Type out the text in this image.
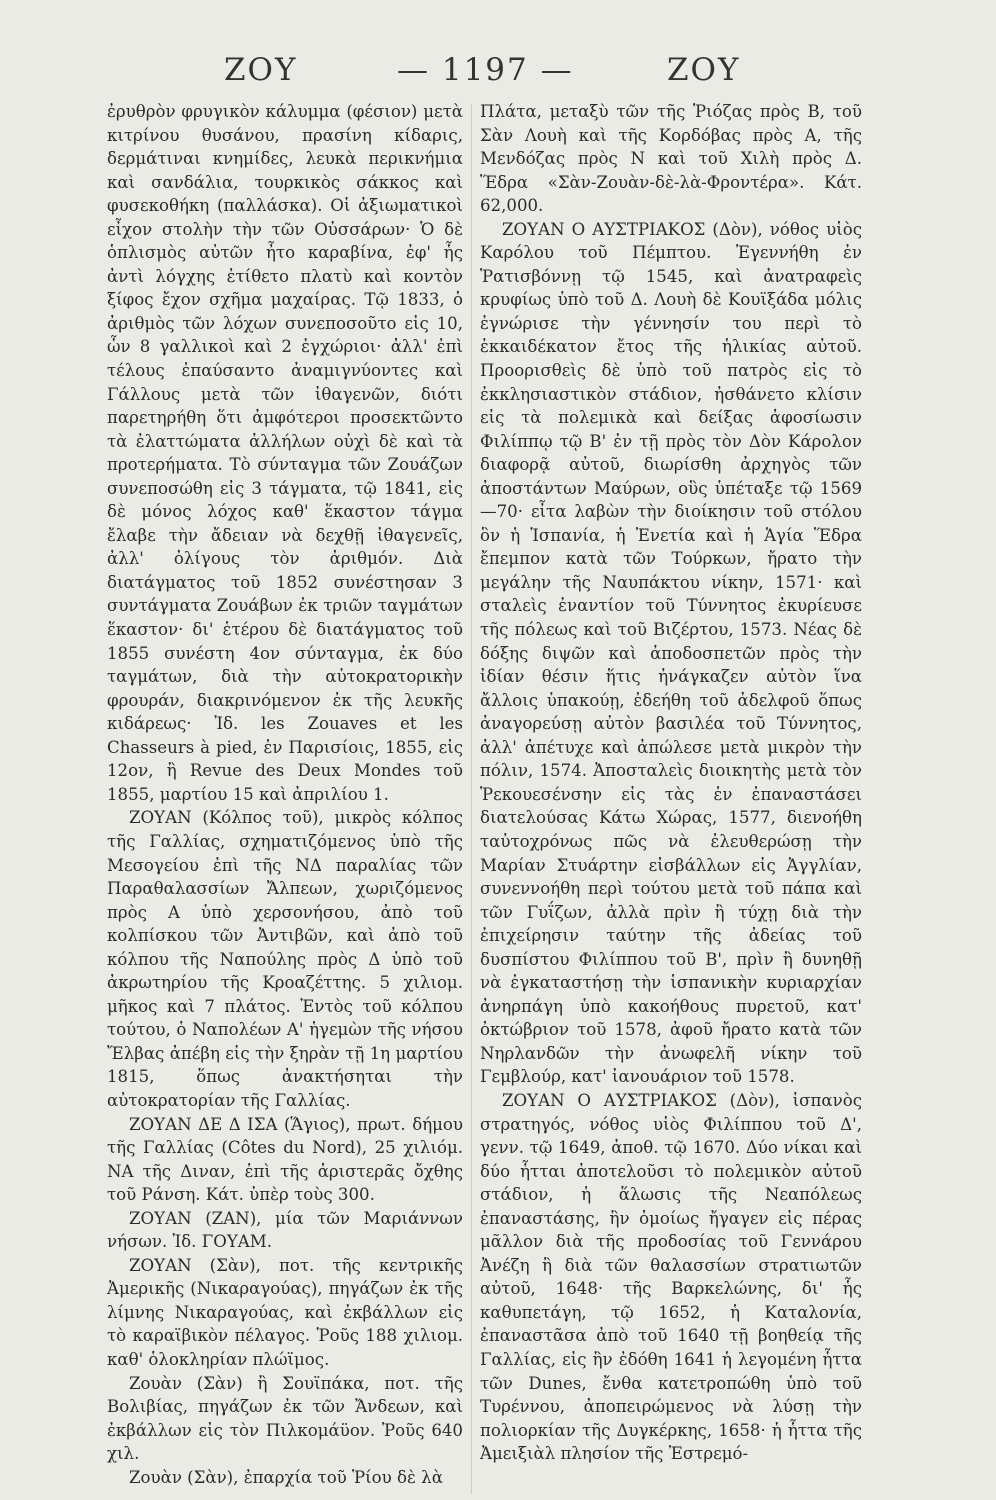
ΖΟΥ	— 1197 —	ΖΟΥ

ἐρυθρὸν φρυγικὸν κάλυμμα (φέσιον) μετὰ κιτρίνου θυσάνου, πρασίνη κίδαρις, δερμάτιναι κνημίδες, λευκὰ περικνήμια καὶ σανδάλια, τουρκικὸς σάκκος καὶ φυσεκοθήκη (παλλάσκα). Οἱ ἀξιωματικοὶ εἶχον στολὴν τὴν τῶν Οὐσσάρων· Ὁ δὲ ὁπλισμὸς αὐτῶν ἦτο καραβίνα, ἐφ' ἧς ἀντὶ λόγχης ἐτίθετο πλατὺ καὶ κοντὸν ξίφος ἔχον σχῆμα μαχαίρας. Τῷ 1833, ὁ ἀριθμὸς τῶν λόχων συνεποσοῦτο εἰς 10, ὧν 8 γαλλικοὶ καὶ 2 ἐγχώριοι· ἀλλ' ἐπὶ τέλους ἐπαύσαντο ἀναμιγνύοντες καὶ Γάλλους μετὰ τῶν ἰθαγενῶν, διότι παρετηρήθη ὅτι ἀμφότεροι προσεκτῶντο τὰ ἐλαττώματα ἀλλήλων οὐχὶ δὲ καὶ τὰ προτερήματα. Τὸ σύνταγμα τῶν Ζουάζων συνεποσώθη εἰς 3 τάγματα, τῷ 1841, εἰς δὲ μόνος λόχος καθ' ἕκαστον τάγμα ἔλαβε τὴν ἄδειαν νὰ δεχθῇ ἰθαγενεῖς, ἀλλ' ὀλίγους τὸν ἀριθμόν. Διὰ διατάγματος τοῦ 1852 συνέστησαν 3 συντάγματα Ζουάβων ἐκ τριῶν ταγμάτων ἕκαστον· δι' ἑτέρου δὲ διατάγματος τοῦ 1855 συνέστη 4ον σύνταγμα, ἐκ δύο ταγμάτων, διὰ τὴν αὐτοκρατορικὴν φρουράν, διακρινόμενον ἐκ τῆς λευκῆς κιδάρεως· Ἰδ. les Zouaves et les Chasseurs à pied, ἐν Παρισίοις, 1855, εἰς 12ον, ἢ Revue des Deux Mondes τοῦ 1855, μαρτίου 15 καὶ ἀπριλίου 1.

ΖΟΥΑΝ (Κόλπος τοῦ), μικρὸς κόλπος τῆς Γαλλίας, σχηματιζόμενος ὑπὸ τῆς Μεσογείου ἐπὶ τῆς ΝΔ παραλίας τῶν Παραθαλασσίων Ἄλπεων, χωριζόμενος πρὸς Α ὑπὸ χερσονήσου, ἀπὸ τοῦ κολπίσκου τῶν Ἀντιβῶν, καὶ ἀπὸ τοῦ κόλπου τῆς Ναπούλης πρὸς Δ ὑπὸ τοῦ ἀκρωτηρίου τῆς Κροαζέττης. 5 χιλιομ. μῆκος καὶ 7 πλάτος. Ἐντὸς τοῦ κόλπου τούτου, ὁ Ναπολέων Α' ἡγεμὼν τῆς νήσου Ἔλβας ἀπέβη εἰς τὴν ξηρὰν τῇ 1η μαρτίου 1815, ὅπως ἀνακτήσηται τὴν αὐτοκρατορίαν τῆς Γαλλίας.

ΖΟΥΑΝ ΔΕ Δ ΙΣΑ (Ἅγιος), πρωτ. δήμου τῆς Γαλλίας (Côtes du Nord), 25 χιλιόμ. ΝΑ τῆς Διναν, ἐπὶ τῆς ἀριστερᾶς ὄχθης τοῦ Ράνση. Κάτ. ὑπὲρ τοὺς 300.

ΖΟΥΑΝ (ΖΑΝ), μία τῶν Μαριάννων νήσων. Ἰδ. ΓΟΥΑΜ.

ΖΟΥΑΝ (Σὰν), ποτ. τῆς κεντρικῆς Ἀμερικῆς (Νικαραγούας), πηγάζων ἐκ τῆς λίμνης Νικαραγούας, καὶ ἐκβάλλων εἰς τὸ καραϊβικὸν πέλαγος. Ῥοῦς 188 χιλιομ. καθ' ὁλοκληρίαν πλώϊμος.

Ζουὰν (Σὰν) ἢ Σουϊπάκα, ποτ. τῆς Βολιβίας, πηγάζων ἐκ τῶν Ἄνδεων, καὶ ἐκβάλλων εἰς τὸν Πιλκομάϋον. Ῥοῦς 640 χιλ.

Ζουὰν (Σὰν), ἐπαρχία τοῦ Ῥίου δὲ λὰ

Πλάτα, μεταξὺ τῶν τῆς Ῥιόζας πρὸς Β, τοῦ Σὰν Λουὴ καὶ τῆς Κορδόβας πρὸς Α, τῆς Μενδόζας πρὸς Ν καὶ τοῦ Χιλὴ πρὸς Δ. Ἕδρα «Σὰν-Ζουὰν-δὲ-λὰ-Φροντέρα». Κάτ. 62,000.

ΖΟΥΑΝ Ο ΑΥΣΤΡΙΑΚΟΣ (Δὸν), νόθος υἱὸς Καρόλου τοῦ Πέμπτου. Ἐγεννήθη ἐν Ῥατισβόννῃ τῷ 1545, καὶ ἀνατραφεὶς κρυφίως ὑπὸ τοῦ Δ. Λουὴ δὲ Κουϊξάδα μόλις ἐγνώρισε τὴν γέννησίν του περὶ τὸ ἑκκαιδέκατον ἔτος τῆς ἡλικίας αὐτοῦ. Προορισθεὶς δὲ ὑπὸ τοῦ πατρὸς εἰς τὸ ἐκκλησιαστικὸν στάδιον, ἠσθάνετο κλίσιν εἰς τὰ πολεμικὰ καὶ δείξας ἀφοσίωσιν Φιλίππῳ τῷ Β' ἐν τῇ πρὸς τὸν Δὸν Κάρολον διαφορᾷ αὐτοῦ, διωρίσθη ἀρχηγὸς τῶν ἀποστάντων Μαύρων, οὓς ὑπέταξε τῷ 1569—70· εἶτα λαβὼν τὴν διοίκησιν τοῦ στόλου ὃν ἡ Ἱσπανία, ἡ Ἐνετία καὶ ἡ Ἁγία Ἕδρα ἔπεμπον κατὰ τῶν Τούρκων, ἤρατο τὴν μεγάλην τῆς Ναυπάκτου νίκην, 1571· καὶ σταλεὶς ἐναντίον τοῦ Τύννητος ἐκυρίευσε τῆς πόλεως καὶ τοῦ Βιζέρτου, 1573. Νέας δὲ δόξης διψῶν καὶ ἀποδοσπετῶν πρὸς τὴν ἰδίαν θέσιν ἥτις ἠνάγκαζεν αὐτὸν ἵνα ἄλλοις ὑπακούῃ, ἐδεήθη τοῦ ἀδελφοῦ ὅπως ἀναγορεύσῃ αὐτὸν βασιλέα τοῦ Τύννητος, ἀλλ' ἀπέτυχε καὶ ἀπώλεσε μετὰ μικρὸν τὴν πόλιν, 1574. Ἀποσταλεὶς διοικητὴς μετὰ τὸν Ῥεκουεσένσην εἰς τὰς ἐν ἐπαναστάσει διατελούσας Κάτω Χώρας, 1577, διενοήθη ταὐτοχρόνως πῶς νὰ ἐλευθερώσῃ τὴν Μαρίαν Στυάρτην εἰσβάλλων εἰς Ἀγγλίαν, συνεννοήθη περὶ τούτου μετὰ τοῦ πάπα καὶ τῶν Γυΐζων, ἀλλὰ πρὶν ἢ τύχῃ διὰ τὴν ἐπιχείρησιν ταύτην τῆς ἀδείας τοῦ δυσπίστου Φιλίππου τοῦ Β', πρὶν ἢ δυνηθῇ νὰ ἐγκαταστήσῃ τὴν ἱσπανικὴν κυριαρχίαν ἀνηρπάγη ὑπὸ κακοήθους πυρετοῦ, κατ' ὀκτώβριον τοῦ 1578, ἀφοῦ ἤρατο κατὰ τῶν Νηρλανδῶν τὴν ἀνωφελῆ νίκην τοῦ Γεμβλούρ, κατ' ἰανουάριον τοῦ 1578.

ΖΟΥΑΝ Ο ΑΥΣΤΡΙΑΚΟΣ (Δὸν), ἱσπανὸς στρατηγός, νόθος υἱὸς Φιλίππου τοῦ Δ', γενν. τῷ 1649, ἀποθ. τῷ 1670. Δύο νίκαι καὶ δύο ἧτται ἀποτελοῦσι τὸ πολεμικὸν αὐτοῦ στάδιον, ἡ ἅλωσις τῆς Νεαπόλεως ἐπαναστάσης, ἣν ὁμοίως ἤγαγεν εἰς πέρας μᾶλλον διὰ τῆς προδοσίας τοῦ Γεννάρου Ἀνέζη ἢ διὰ τῶν θαλασσίων στρατιωτῶν αὐτοῦ, 1648· τῆς Βαρκελώνης, δι' ἧς καθυπετάγη, τῷ 1652, ἡ Καταλονία, ἐπαναστᾶσα ἀπὸ τοῦ 1640 τῇ βοηθείᾳ τῆς Γαλλίας, εἰς ἣν ἐδόθη 1641 ἡ λεγομένη ἧττα τῶν Dunes, ἔνθα κατετροπώθη ὑπὸ τοῦ Τυρέννου, ἀποπειρώμενος νὰ λύσῃ τὴν πολιορκίαν τῆς Δυγκέρκης, 1658· ἡ ἧττα τῆς Ἀμειξιὰλ πλησίον τῆς Ἐστρεμό-
